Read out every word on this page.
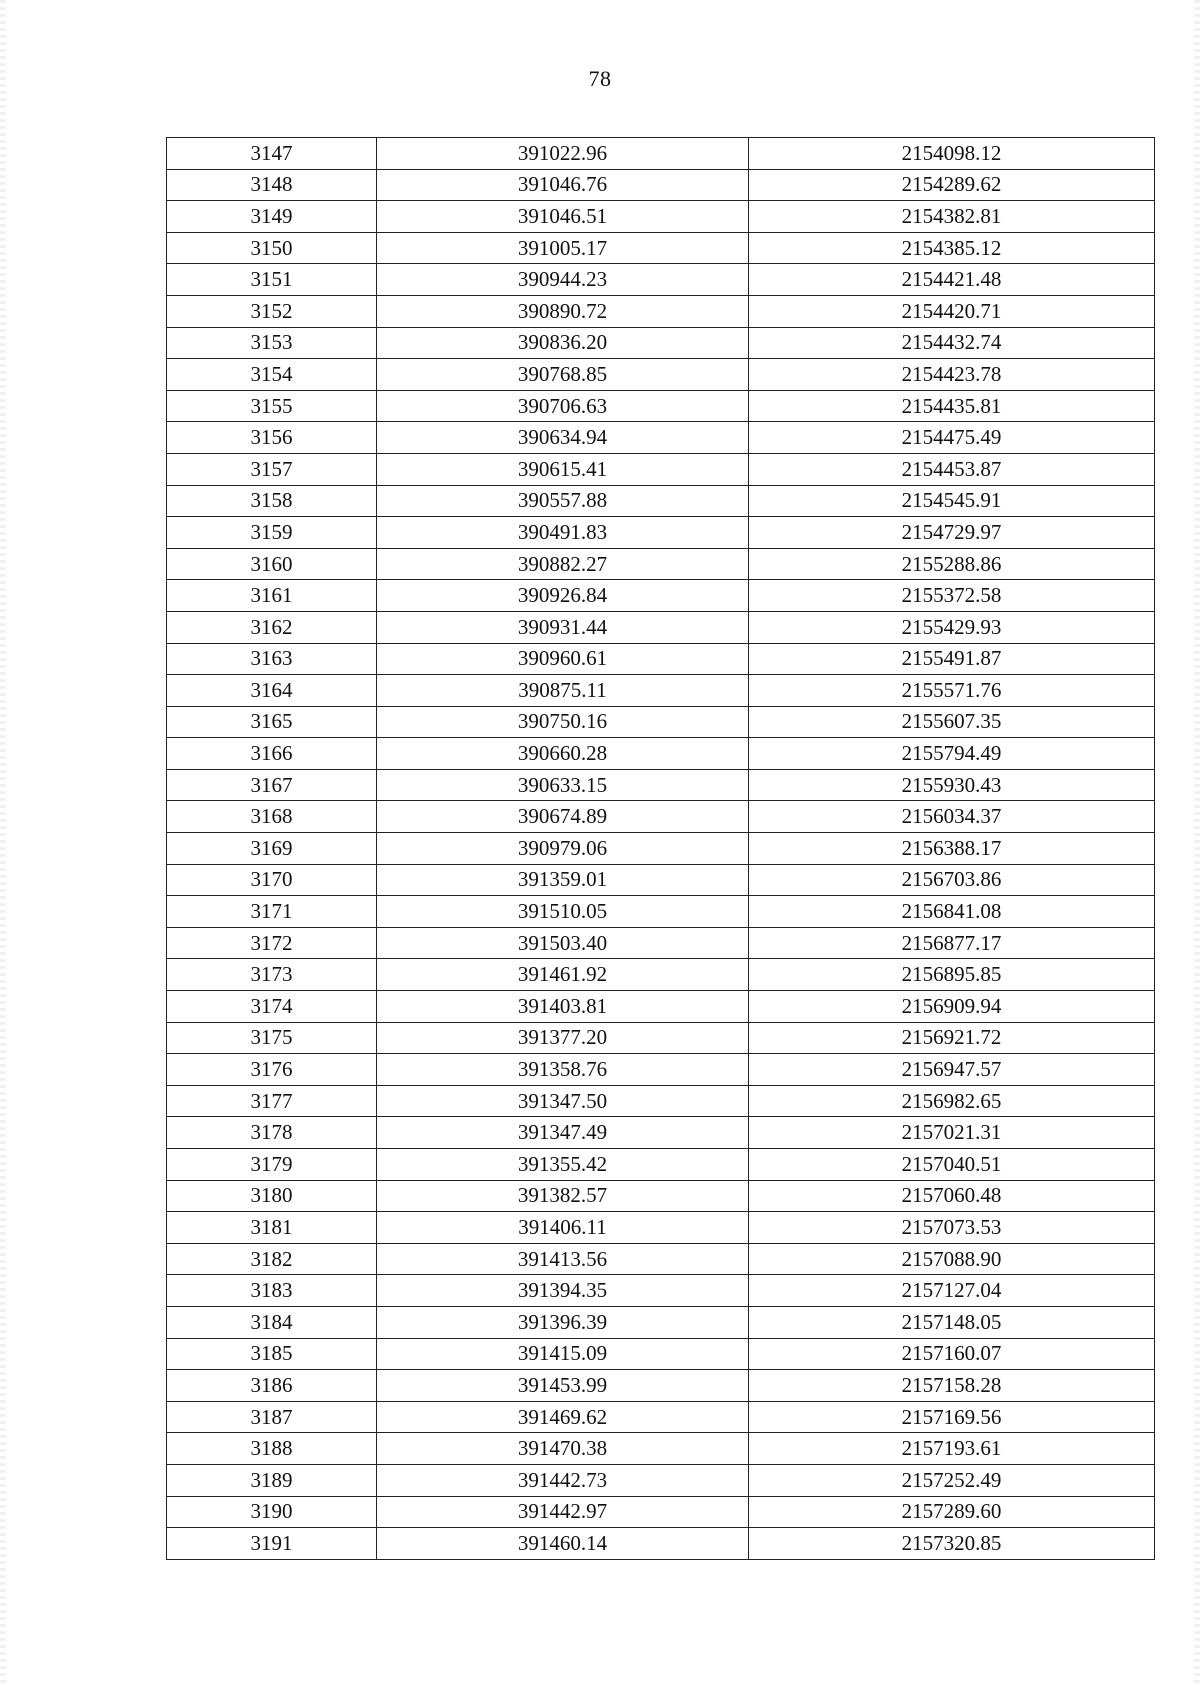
78
3147	391022.96	2154098.12
3148	391046.76	2154289.62
3149	391046.51	2154382.81
3150	391005.17	2154385.12
3151	390944.23	2154421.48
3152	390890.72	2154420.71
3153	390836.20	2154432.74
3154	390768.85	2154423.78
3155	390706.63	2154435.81
3156	390634.94	2154475.49
3157	390615.41	2154453.87
3158	390557.88	2154545.91
3159	390491.83	2154729.97
3160	390882.27	2155288.86
3161	390926.84	2155372.58
3162	390931.44	2155429.93
3163	390960.61	2155491.87
3164	390875.11	2155571.76
3165	390750.16	2155607.35
3166	390660.28	2155794.49
3167	390633.15	2155930.43
3168	390674.89	2156034.37
3169	390979.06	2156388.17
3170	391359.01	2156703.86
3171	391510.05	2156841.08
3172	391503.40	2156877.17
3173	391461.92	2156895.85
3174	391403.81	2156909.94
3175	391377.20	2156921.72
3176	391358.76	2156947.57
3177	391347.50	2156982.65
3178	391347.49	2157021.31
3179	391355.42	2157040.51
3180	391382.57	2157060.48
3181	391406.11	2157073.53
3182	391413.56	2157088.90
3183	391394.35	2157127.04
3184	391396.39	2157148.05
3185	391415.09	2157160.07
3186	391453.99	2157158.28
3187	391469.62	2157169.56
3188	391470.38	2157193.61
3189	391442.73	2157252.49
3190	391442.97	2157289.60
3191	391460.14	2157320.85
